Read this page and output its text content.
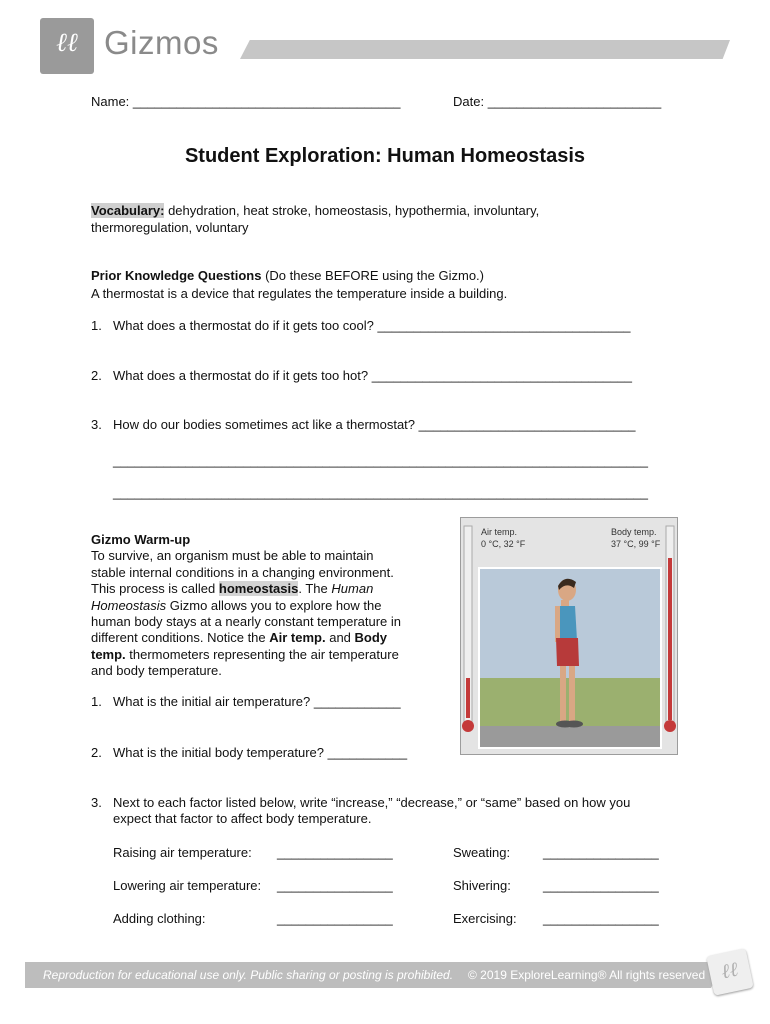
ℓℓ Gizmos
Name: _____________________________________	Date: ________________________
Student Exploration: Human Homeostasis
Vocabulary: dehydration, heat stroke, homeostasis, hypothermia, involuntary,
thermoregulation, voluntary
Prior Knowledge Questions (Do these BEFORE using the Gizmo.)
A thermostat is a device that regulates the temperature inside a building.
1. What does a thermostat do if it gets too cool? ___________________________________
2. What does a thermostat do if it gets too hot? ____________________________________
3. How do our bodies sometimes act like a thermostat? ______________________________
__________________________________________________________________________
__________________________________________________________________________
Gizmo Warm-up
To survive, an organism must be able to maintain
stable internal conditions in a changing environment.
This process is called homeostasis. The Human
Homeostasis Gizmo allows you to explore how the
human body stays at a nearly constant temperature in
different conditions. Notice the Air temp. and Body
temp. thermometers representing the air temperature
and body temperature.
1. What is the initial air temperature? ____________
2. What is the initial body temperature? ___________
3. Next to each factor listed below, write “increase,” “decrease,” or “same” based on how you
expect that factor to affect body temperature.
Raising air temperature: ________________	Sweating:	________________
Lowering air temperature: ________________	Shivering: ________________
Adding clothing:	________________	Exercising: ________________
Air temp.
0 °C, 32 °F
Body temp.
37 °C, 99 °F
Reproduction for educational use only. Public sharing or posting is prohibited. © 2019 ExploreLearning® All rights reserved ℓℓ
